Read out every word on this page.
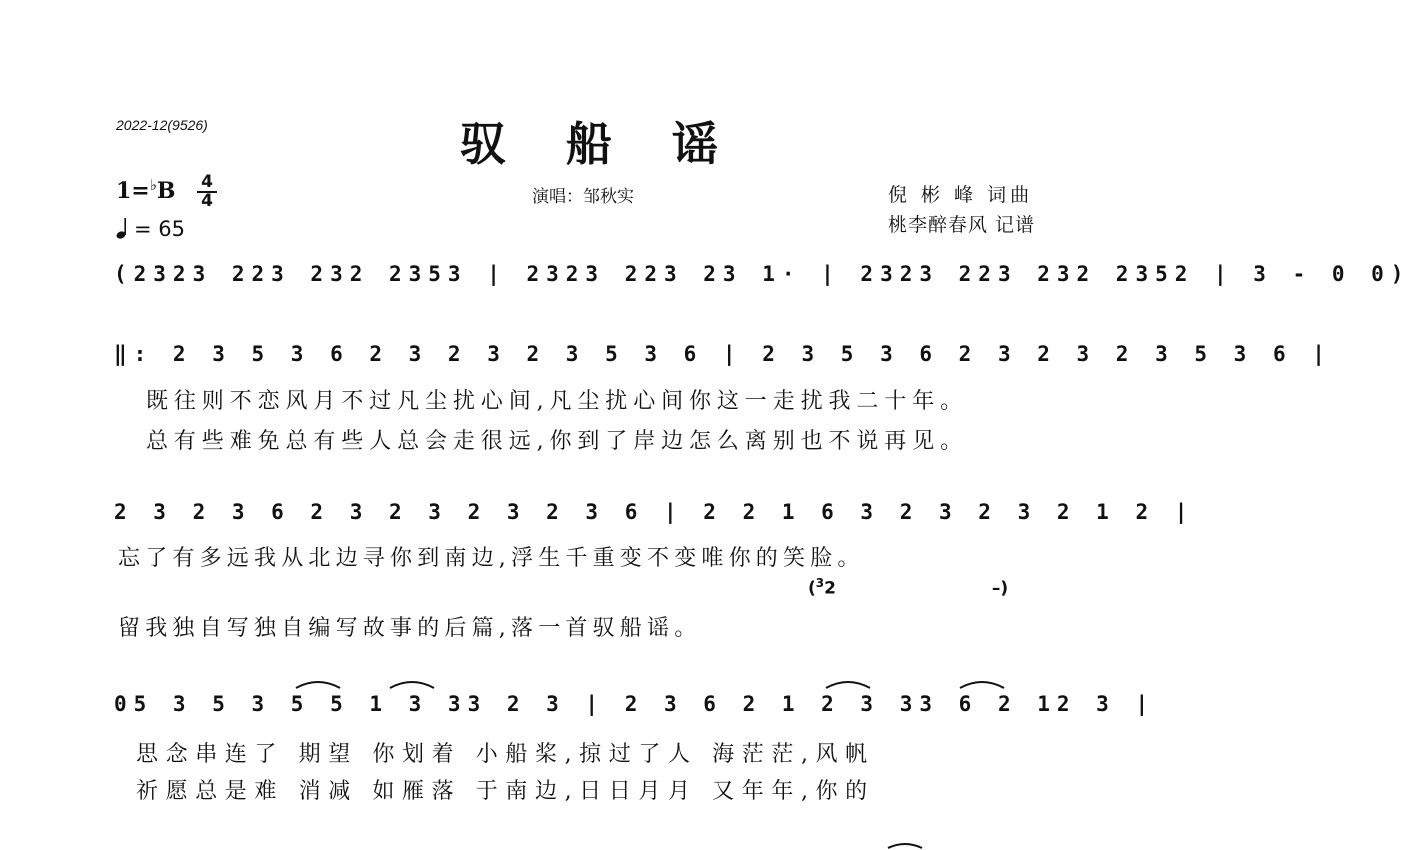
2022-12(9526)	驭 船 谣
演唱：邹秋实	倪 彬 峰 词曲
桃李醉春风 记谱
1=♭B 4
4
= 65
(2323 223 232 2353 | 2323 223 23 1· | 2323 223 232 2352 | 3 - 0 0)
‖: 2 3 5 3 6 2 3 2 3 2 3 5 3 6 | 2 3 5 3 6 2 3 2 3 2 3 5 3 6 |
2 3 2 3 6 2 3 2 3 2 3 2 3 6 | 2 2 1 6 3 2 3 2 3 2 1 2 |
05 3 5 3 5 5 1 3 33 2 3 | 2 3 6 2 1 2 3 33 6 2 12 3 |
既往则不恋风月不过凡尘扰心间,凡尘扰心间你这一走扰我二十年。
总有些难免总有些人总会走很远,你到了岸边怎么离别也不说再见。
忘了有多远我从北边寻你到南边,浮生千重变不变唯你的笑脸。
($^3$2	–)
留我独自写独自编写故事的后篇,落一首驭船谣。
思念串连了 期望 你划着 小船桨,掠过了人 海茫茫,风帆
祈愿总是难 消减 如雁落 于南边,日日月月 又年年,你的
